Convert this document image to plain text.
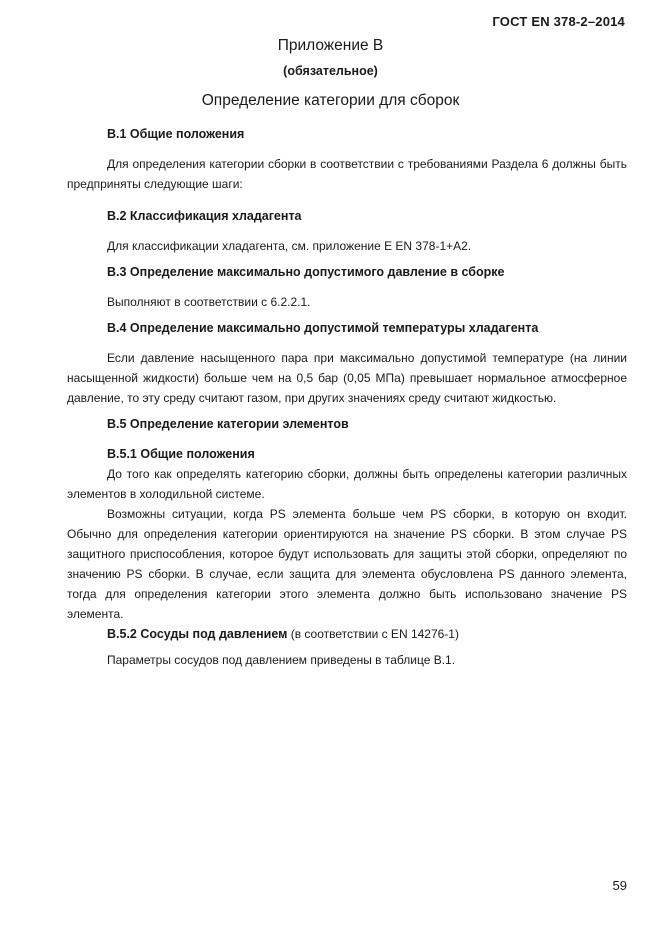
ГОСТ EN 378-2–2014
Приложение В
(обязательное)
Определение категории для сборок

В.1 Общие положения

Для определения категории сборки в соответствии с требованиями Раздела 6 должны быть предприняты следующие шаги:

В.2 Классификация хладагента

Для классификации хладагента, см. приложение E EN 378-1+A2.

В.3 Определение максимально допустимого давление в сборке

Выполняют в соответствии с 6.2.2.1.

В.4 Определение максимально допустимой температуры хладагента

Если давление насыщенного пара при максимально допустимой температуре (на линии насыщенной жидкости) больше чем на 0,5 бар (0,05 МПа) превышает нормальное атмосферное давление, то эту среду считают газом, при других значениях среду считают жидкостью.

В.5 Определение категории элементов

В.5.1 Общие положения

До того как определять категорию сборки, должны быть определены категории различных элементов в холодильной системе.

Возможны ситуации, когда PS элемента больше чем PS сборки, в которую он входит. Обычно для определения категории ориентируются на значение PS сборки. В этом случае PS защитного приспособления, которое будут использовать для защиты этой сборки, определяют по значению PS сборки. В случае, если защита для элемента обусловлена PS данного элемента, тогда для определения категории этого элемента должно быть использовано значение PS элемента.

В.5.2 Сосуды под давлением (в соответствии с EN 14276-1)

Параметры сосудов под давлением приведены в таблице В.1.

59
